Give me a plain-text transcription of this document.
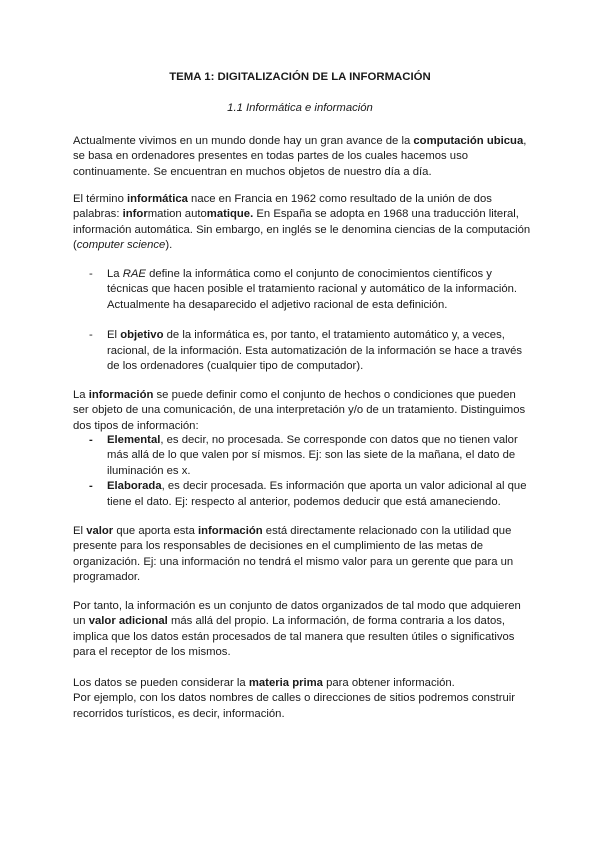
TEMA 1: DIGITALIZACIÓN DE LA INFORMACIÓN
1.1 Informática e información

Actualmente vivimos en un mundo donde hay un gran avance de la computación ubicua, se basa en ordenadores presentes en todas partes de los cuales hacemos uso continuamente. Se encuentran en muchos objetos de nuestro día a día.

El término informática nace en Francia en 1962 como resultado de la unión de dos palabras: information automatique. En España se adopta en 1968 una traducción literal, información automática. Sin embargo, en inglés se le denomina ciencias de la computación (computer science).

- La RAE define la informática como el conjunto de conocimientos científicos y técnicas que hacen posible el tratamiento racional y automático de la información. Actualmente ha desaparecido el adjetivo racional de esta definición.
- El objetivo de la informática es, por tanto, el tratamiento automático y, a veces, racional, de la información. Esta automatización de la información se hace a través de los ordenadores (cualquier tipo de computador).

La información se puede definir como el conjunto de hechos o condiciones que pueden ser objeto de una comunicación, de una interpretación y/o de un tratamiento. Distinguimos dos tipos de información:

- Elemental, es decir, no procesada. Se corresponde con datos que no tienen valor más allá de lo que valen por sí mismos. Ej: son las siete de la mañana, el dato de iluminación es x.
- Elaborada, es decir procesada. Es información que aporta un valor adicional al que tiene el dato. Ej: respecto al anterior, podemos deducir que está amaneciendo.

El valor que aporta esta información está directamente relacionado con la utilidad que presente para los responsables de decisiones en el cumplimiento de las metas de organización. Ej: una información no tendrá el mismo valor para un gerente que para un programador.

Por tanto, la información es un conjunto de datos organizados de tal modo que adquieren un valor adicional más allá del propio. La información, de forma contraria a los datos, implica que los datos están procesados de tal manera que resulten útiles o significativos para el receptor de los mismos.

Los datos se pueden considerar la materia prima para obtener información.
Por ejemplo, con los datos nombres de calles o direcciones de sitios podremos construir recorridos turísticos, es decir, información.
